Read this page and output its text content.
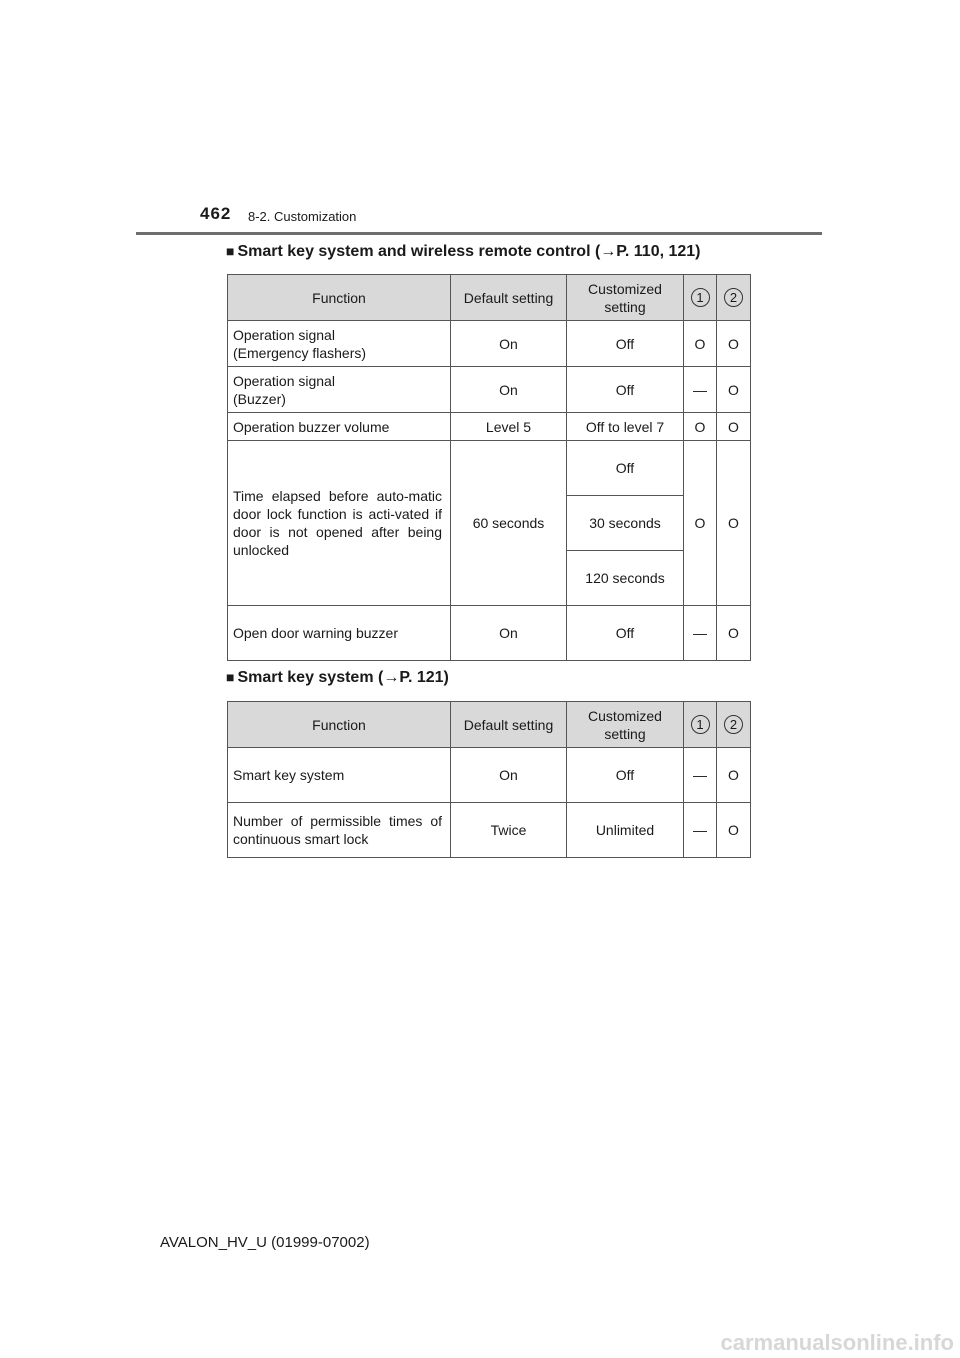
462 8-2. Customization
■ Smart key system and wireless remote control (→P. 110, 121)
Function	Default setting	Customized setting	1	2
Operation signal
(Emergency flashers)	On	Off	O	O
Operation signal
(Buzzer)	On	Off	—	O
Operation buzzer volume	Level 5	Off to level 7	O	O
Time elapsed before auto-matic door lock function is acti-vated if door is not opened after being unlocked	60 seconds	Off	O	O
		30 seconds		
		120 seconds		
Open door warning buzzer	On	Off	—	O
■ Smart key system (→P. 121)
Function	Default setting	Customized setting	1	2
Smart key system	On	Off	—	O
Number of permissible times of continuous smart lock	Twice	Unlimited	—	O
AVALON_HV_U (01999-07002)
carmanualsonline.info
